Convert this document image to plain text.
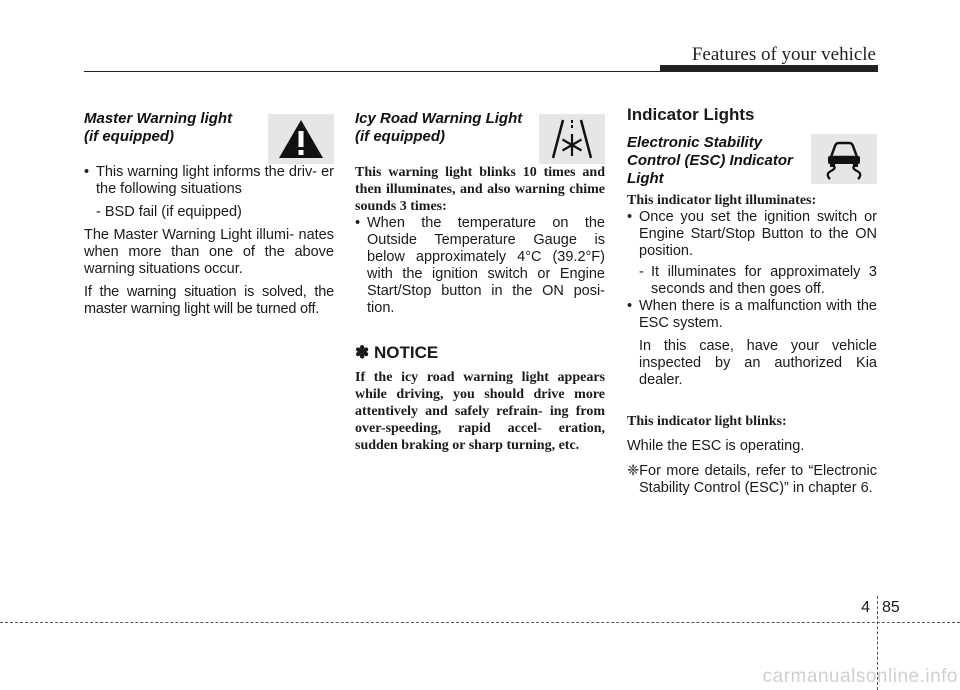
Features of your vehicle
Master Warning light
(if equipped)
• This warning light informs the driv- er the following situations
- BSD fail (if equipped)

The Master Warning Light illumi- nates when more than one of the above warning situations occur.

If the warning situation is solved, the master warning light will be turned off.

Icy Road Warning Light
(if equipped)

This warning light blinks 10 times and then illuminates, and also warning chime sounds 3 times:

• When the temperature on the Outside Temperature Gauge is below approximately 4°C (39.2°F) with the ignition switch or Engine Start/Stop button in the ON posi- tion.
✽ NOTICE

If the icy road warning light appears while driving, you should drive more attentively and safely refrain- ing from over-speeding, rapid accel- eration, sudden braking or sharp turning, etc.

Indicator Lights
Electronic Stability
Control (ESC) Indicator
Light

This indicator light illuminates:

• Once you set the ignition switch or Engine Start/Stop Button to the ON position.
- It illuminates for approximately 3 seconds and then goes off.
• When there is a malfunction with the ESC system.

In this case, have your vehicle inspected by an authorized Kia dealer.

This indicator light blinks:

While the ESC is operating.

❈For more details, refer to “Electronic Stability Control (ESC)” in chapter 6.

4 85
carmanualsonline.info
